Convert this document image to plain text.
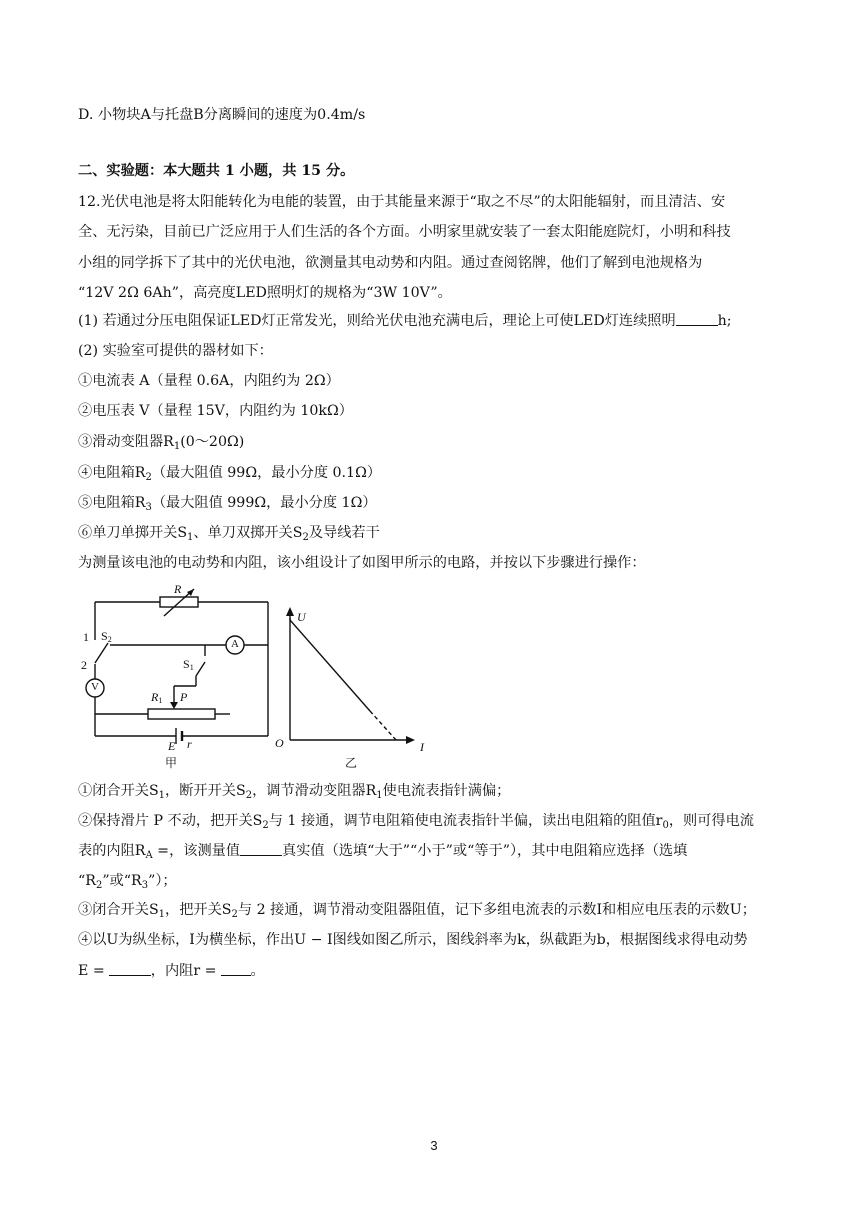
D. 小物块A与托盘B分离瞬间的速度为0.4m/s
二、实验题：本大题共 1 小题，共 15 分。
12.光伏电池是将太阳能转化为电能的装置，由于其能量来源于“取之不尽”的太阳能辐射，而且清洁、安
全、无污染，目前已广泛应用于人们生活的各个方面。小明家里就安装了一套太阳能庭院灯，小明和科技
小组的同学拆下了其中的光伏电池，欲测量其电动势和内阻。通过查阅铭牌，他们了解到电池规格为
“12V 2Ω 6Ah”，高亮度LED照明灯的规格为“3W 10V”。
(1) 若通过分压电阻保证LED灯正常发光，则给光伏电池充满电后，理论上可使LED灯连续照明	h;
(2) 实验室可提供的器材如下：
①电流表 A（量程 0.6A，内阻约为 2Ω）
②电压表 V（量程 15V，内阻约为 10kΩ）
③滑动变阻器$R_1(0\sim 20\Omega)$
④电阻箱$R_2$（最大阻值 99Ω，最小分度 0.1Ω）
⑤电阻箱$R_3$（最大阻值 999Ω，最小分度 1Ω）
⑥单刀单掷开关$S_1$、单刀双掷开关$S_2$及导线若干
为测量该电池的电动势和内阻，该小组设计了如图甲所示的电路，并按以下步骤进行操作：
R
1 S2	A
S1
2
V
R1 P
E r
甲
U
O	I
乙
①闭合开关$S_1$，断开开关$S_2$，调节滑动变阻器$R_1$使电流表指针满偏；
②保持滑片 P 不动，把开关$S_2$与 1 接通，调节电阻箱使电流表指针半偏，读出电阻箱的阻值$r_0$，则可得电流
表的内阻$R_A$ =，该测量值	真实值（选填“大于”“小于”或“等于”），其中电阻箱应选择（选填
“$R_2$”或“$R_3$”）；
③闭合开关$S_1$，把开关$S_2$与 2 接通，调节滑动变阻器阻值，记下多组电流表的示数I和相应电压表的示数U；
④以U为纵坐标，I为横坐标，作出U − I图线如图乙所示，图线斜率为k，纵截距为b，根据图线求得电动势
E =	，内阻r = 。
3
